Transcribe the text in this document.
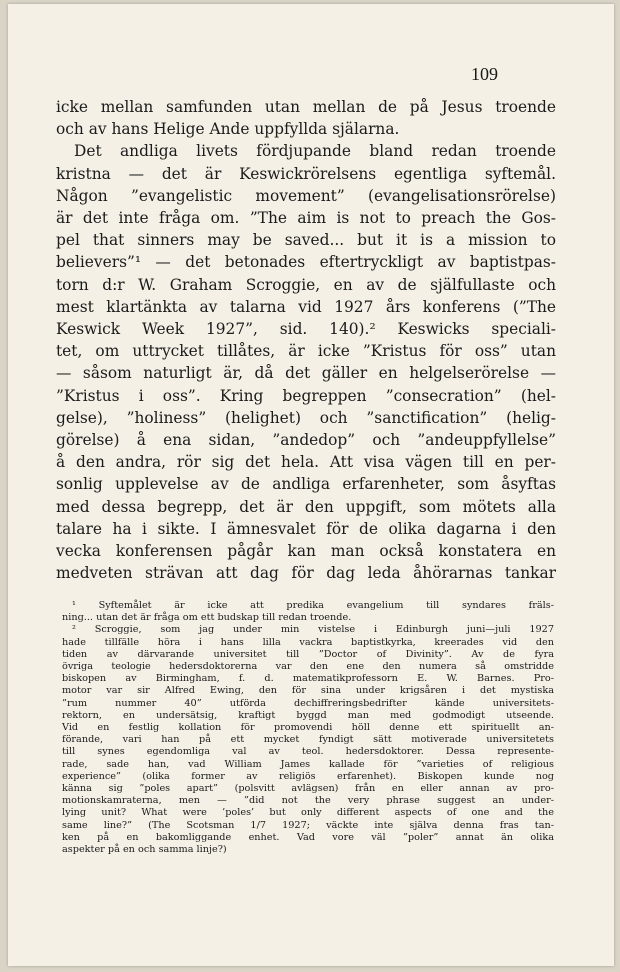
109
icke mellan samfunden utan mellan de på Jesus troende
och av hans Helige Ande uppfyllda själarna.
Det andliga livets fördjupande bland redan troende
kristna — det är Keswickrörelsens egentliga syftemål.
Någon ”evangelistic movement” (evangelisationsrörelse)
är det inte fråga om. ”The aim is not to preach the Gos-
pel that sinners may be saved... but it is a mission to
believers”¹ — det betonades eftertryckligt av baptistpas-
torn d:r W. Graham Scroggie, en av de själfullaste och
mest klartänkta av talarna vid 1927 års konferens (”The
Keswick Week 1927”, sid. 140).² Keswicks speciali-
tet, om uttrycket tillåtes, är icke ”Kristus för oss” utan
— såsom naturligt är, då det gäller en helgelserörelse —
”Kristus i oss”. Kring begreppen ”consecration” (hel-
gelse), ”holiness” (helighet) och ”sanctification” (helig-
görelse) å ena sidan, ”andedop” och ”andeuppfyllelse”
å den andra, rör sig det hela. Att visa vägen till en per-
sonlig upplevelse av de andliga erfarenheter, som åsyftas
med dessa begrepp, det är den uppgift, som mötets alla
talare ha i sikte. I ämnesvalet för de olika dagarna i den
vecka konferensen pågår kan man också konstatera en
medveten strävan att dag för dag leda åhörarnas tankar
¹ Syftemålet är icke att predika evangelium till syndares fräls-
ning... utan det är fråga om ett budskap till redan troende.
² Scroggie, som jag under min vistelse i Edinburgh juni—juli 1927
hade tillfälle höra i hans lilla vackra baptistkyrka, kreerades vid den
tiden av därvarande universitet till ”Doctor of Divinity”. Av de fyra
övriga teologie hedersdoktorerna var den ene den numera så omstridde
biskopen av Birmingham, f. d. matematikprofessorn E. W. Barnes. Pro-
motor var sir Alfred Ewing, den för sina under krigsåren i det mystiska
”rum nummer 40” utförda dechiffreringsbedrifter kände universitets-
rektorn, en undersätsig, kraftigt byggd man med godmodigt utseende.
Vid en festlig kollation för promovendi höll denne ett spirituellt an-
förande, vari han på ett mycket fyndigt sätt motiverade universitetets
till synes egendomliga val av teol. hedersdoktorer. Dessa represente-
rade, sade han, vad William James kallade för ”varieties of religious
experience” (olika former av religiös erfarenhet). Biskopen kunde nog
känna sig ”poles apart” (polsvitt avlägsen) från en eller annan av pro-
motionskamraterna, men — ”did not the very phrase suggest an under-
lying unit? What were ’poles’ but only different aspects of one and the
same line?” (The Scotsman 1/7 1927; väckte inte själva denna fras tan-
ken på en bakomliggande enhet. Vad vore väl ”poler” annat än olika
aspekter på en och samma linje?)
